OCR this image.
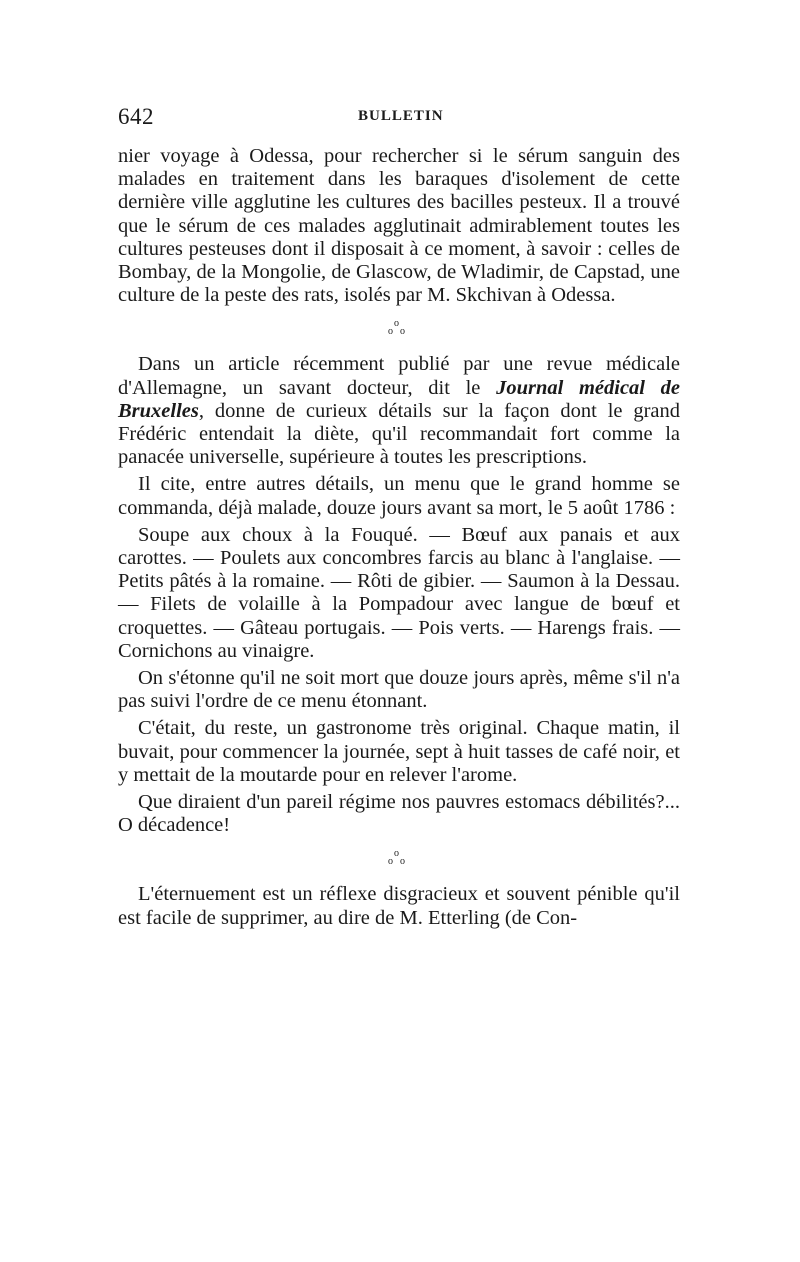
642	BULLETIN

nier voyage à Odessa, pour rechercher si le sérum sanguin des malades en traitement dans les baraques d'isolement de cette dernière ville agglutine les cultures des bacilles pesteux. Il a trouvé que le sérum de ces malades agglutinait admirablement toutes les cultures pesteuses dont il disposait à ce moment, à savoir : celles de Bombay, de la Mongolie, de Glascow, de Wladimir, de Capstad, une culture de la peste des rats, isolés par M. Skchivan à Odessa.

o
o o

Dans un article récemment publié par une revue médicale d'Allemagne, un savant docteur, dit le Journal médical de Bruxelles, donne de curieux détails sur la façon dont le grand Frédéric entendait la diète, qu'il recommandait fort comme la panacée universelle, supérieure à toutes les prescriptions.

Il cite, entre autres détails, un menu que le grand homme se commanda, déjà malade, douze jours avant sa mort, le 5 août 1786 :

Soupe aux choux à la Fouqué. — Bœuf aux panais et aux carottes. — Poulets aux concombres farcis au blanc à l'anglaise. — Petits pâtés à la romaine. — Rôti de gibier. — Saumon à la Dessau. — Filets de volaille à la Pompadour avec langue de bœuf et croquettes. — Gâteau portugais. — Pois verts. — Harengs frais. — Cornichons au vinaigre.

On s'étonne qu'il ne soit mort que douze jours après, même s'il n'a pas suivi l'ordre de ce menu étonnant.

C'était, du reste, un gastronome très original. Chaque matin, il buvait, pour commencer la journée, sept à huit tasses de café noir, et y mettait de la moutarde pour en relever l'arome.

Que diraient d'un pareil régime nos pauvres estomacs débilités?... O décadence!

o
o o

L'éternuement est un réflexe disgracieux et souvent pénible qu'il est facile de supprimer, au dire de M. Etterling (de Con-
